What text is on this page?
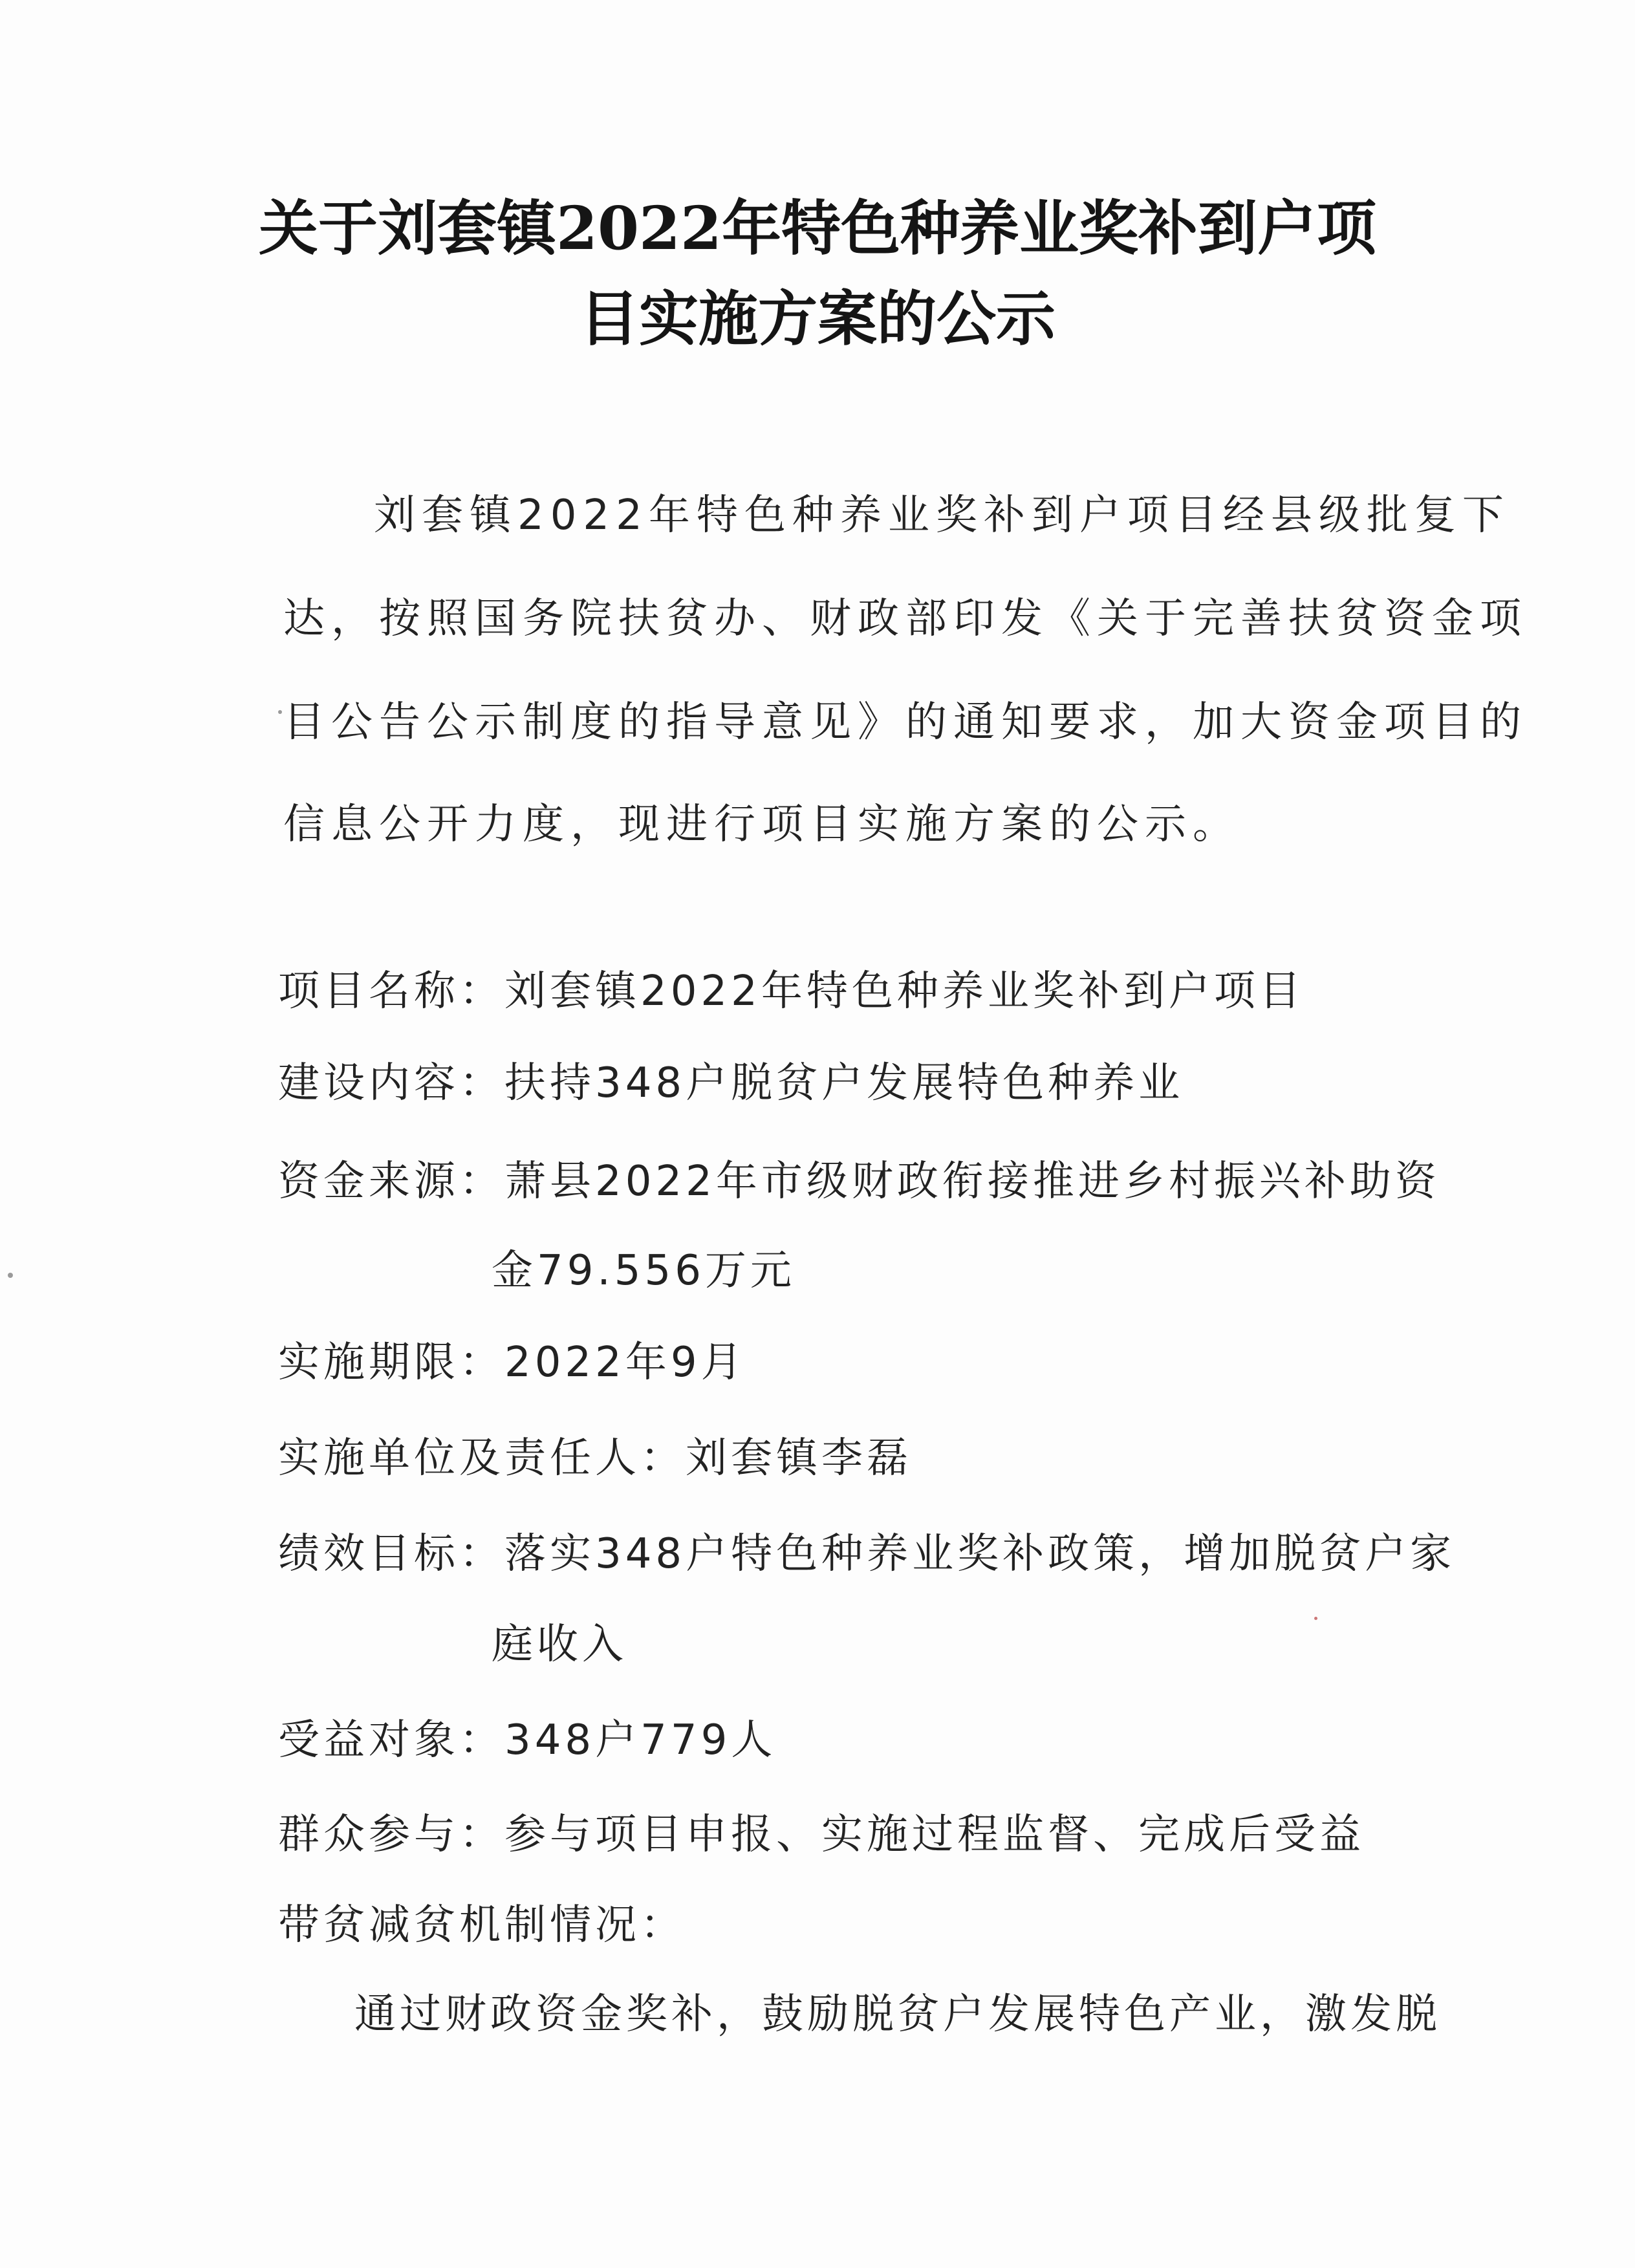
关于刘套镇2022年特色种养业奖补到户项
目实施方案的公示
刘套镇2022年特色种养业奖补到户项目经县级批复下
达，按照国务院扶贫办、财政部印发《关于完善扶贫资金项
目公告公示制度的指导意见》的通知要求，加大资金项目的
信息公开力度，现进行项目实施方案的公示。
项目名称：刘套镇2022年特色种养业奖补到户项目
建设内容：扶持348户脱贫户发展特色种养业
资金来源：萧县2022年市级财政衔接推进乡村振兴补助资
金79.556万元
实施期限：2022年9月
实施单位及责任人：刘套镇李磊
绩效目标：落实348户特色种养业奖补政策，增加脱贫户家
庭收入
受益对象：348户779人
群众参与：参与项目申报、实施过程监督、完成后受益
带贫减贫机制情况：
通过财政资金奖补，鼓励脱贫户发展特色产业，激发脱
